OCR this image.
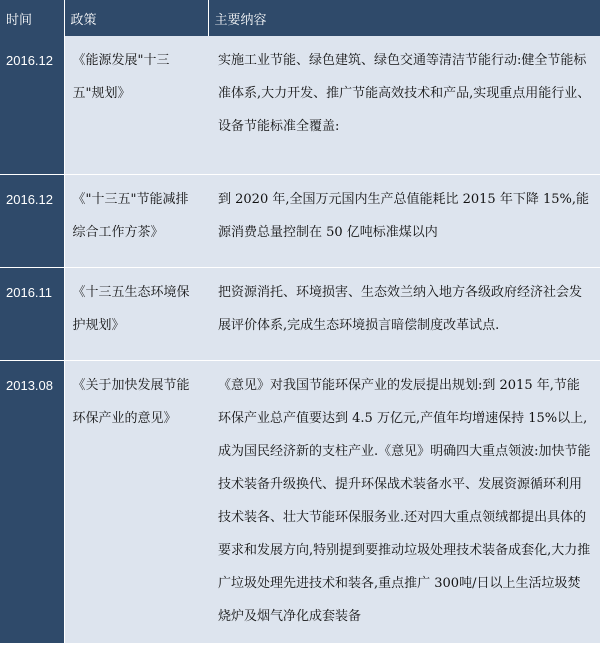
时间	政策	主要纳容
2016.12	《能源发展"十三五"规划》	实施工业节能、绿色建筑、绿色交通等清洁节能行动:健全节能标准体系,大力开发、推广节能高效技术和产品,实现重点用能行业、设备节能标准全覆盖:
2016.12	《"十三五"节能减排综合工作方茶》	到 2020 年,全国万元国内生产总值能耗比 2015 年下降 15%,能源消费总量控制在 50 亿吨标准煤以内
2016.11	《十三五生态环境保护规划》	把资源消托、环境损害、生态效兰纳入地方各级政府经济社会发展评价体系,完成生态环境损言暗偿制度改革试点.
2013.08	《关于加快发展节能环保产业的意见》	《意见》对我国节能环保产业的发辰提出规划:到 2015 年,节能环保产业总产值要达到 4.5 万亿元,产值年均增速保持 15%以上,成为国民经济新的支柱产业.《意见》明确四大重点领波:加快节能技术装备升级换代、提升环保战术装备水平、发展资源循环利用技术装各、壮大节能环保服务业.还对四大重点领绒都提出具体的要求和发展方向,特别提到要推动垃圾处理技术装备成套化,大力推广垃圾处理先进技术和装各,重点推广 300吨/日以上生活垃圾焚烧炉及烟气净化成套装备
